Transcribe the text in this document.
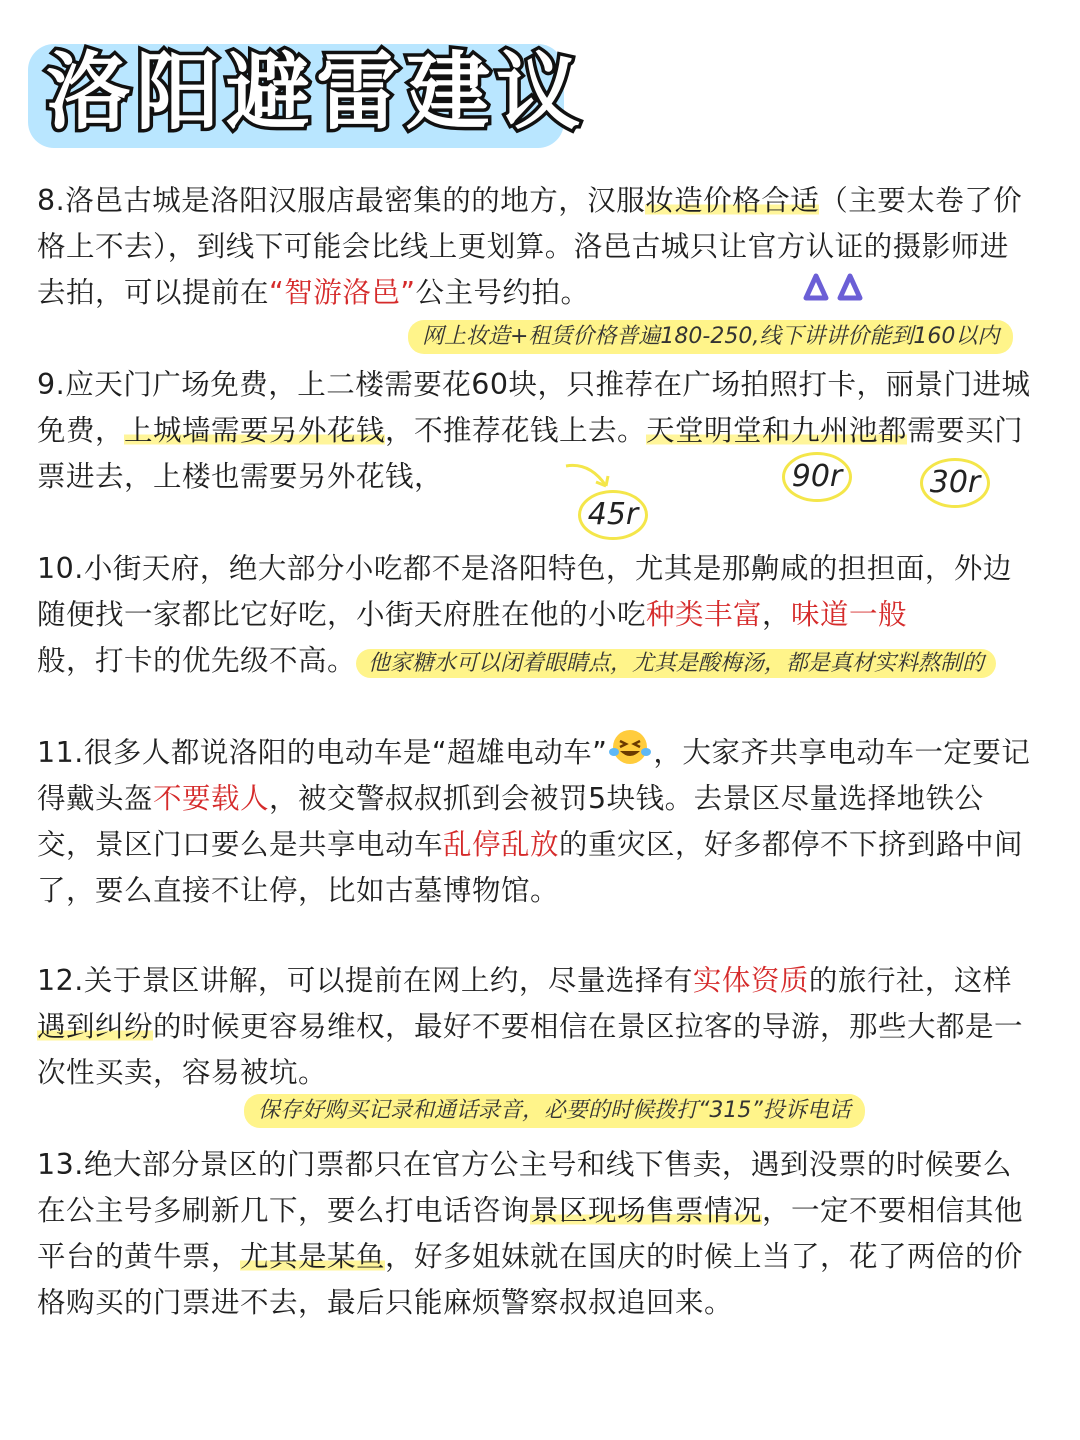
洛阳避雷建议

8.洛邑古城是洛阳汉服店最密集的的地方，汉服妆造价格合适（主要太卷了价格上不去），到线下可能会比线上更划算。洛邑古城只让官方认证的摄影师进去拍，可以提前在“智游洛邑”公主号约拍。

网上妆造+租赁价格普遍180-250,线下讲讲价能到160以内

9.应天门广场免费，上二楼需要花60块，只推荐在广场拍照打卡，丽景门进城免费，上城墙需要另外花钱，不推荐花钱上去。天堂明堂和九州池都需要买门票进去，上楼也需要另外花钱，

45r
90r	30r

10.小街天府，绝大部分小吃都不是洛阳特色，尤其是那齁咸的担担面，外边随便找一家都比它好吃，小街天府胜在他的小吃种类丰富，味道一般
般，打卡的优先级不高。 他家糖水可以闭着眼睛点，尤其是酸梅汤，都是真材实料熬制的

11.很多人都说洛阳的电动车是“超雄电动车” ，大家齐共享电动车一定要记得戴头盔不要载人，被交警叔叔抓到会被罚5块钱。去景区尽量选择地铁公交，景区门口要么是共享电动车乱停乱放的重灾区，好多都停不下挤到路中间了，要么直接不让停，比如古墓博物馆。

12.关于景区讲解，可以提前在网上约，尽量选择有实体资质的旅行社，这样遇到纠纷的时候更容易维权，最好不要相信在景区拉客的导游，那些大都是一次性买卖，容易被坑。

保存好购买记录和通话录音，必要的时候拨打“315”投诉电话

13.绝大部分景区的门票都只在官方公主号和线下售卖，遇到没票的时候要么在公主号多刷新几下，要么打电话咨询景区现场售票情况，一定不要相信其他平台的黄牛票，尤其是某鱼，好多姐妹就在国庆的时候上当了，花了两倍的价格购买的门票进不去，最后只能麻烦警察叔叔追回来。
